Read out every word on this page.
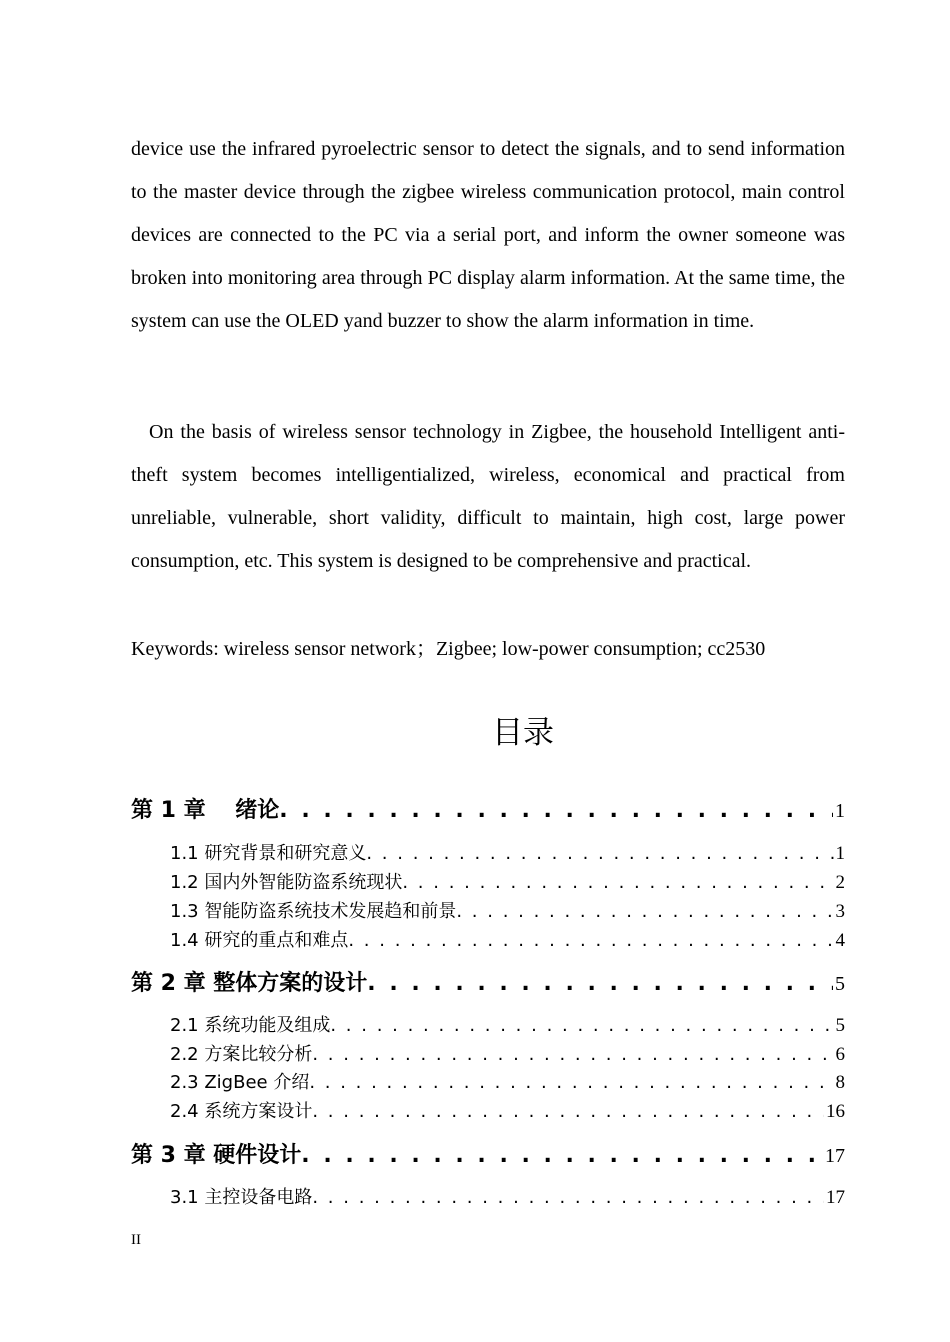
device use the infrared pyroelectric sensor to detect the signals, and to send information to the master device through the zigbee wireless communication protocol, main control devices are connected to the PC via a serial port, and inform the owner someone was broken into monitoring area through PC display alarm information. At the same time, the system can use the OLED yand buzzer to show the alarm information in time.

On the basis of wireless sensor technology in Zigbee, the household Intelligent anti-theft system becomes intelligentialized, wireless, economical and practical from unreliable, vulnerable, short validity, difficult to maintain, high cost, large power consumption, etc. This system is designed to be comprehensive and practical.

Keywords: wireless sensor network；Zigbee; low-power consumption; cc2530

目录
第 1 章　 绪论 . . .	1
1.1 研究背景和研究意义 . . .	1
1.2 国内外智能防盗系统现状 . . .	2
1.3 智能防盗系统技术发展趋和前景 . . .	3
1.4 研究的重点和难点 . . .	4
第 2 章 整体方案的设计 . . .	5
2.1 系统功能及组成 . . .	5
2.2 方案比较分析 . . .	6
2.3 ZigBee 介绍 . . .	8
2.4 系统方案设计 . . .	16
第 3 章 硬件设计 . . .	17
3.1 主控设备电路 . . .	17

II
